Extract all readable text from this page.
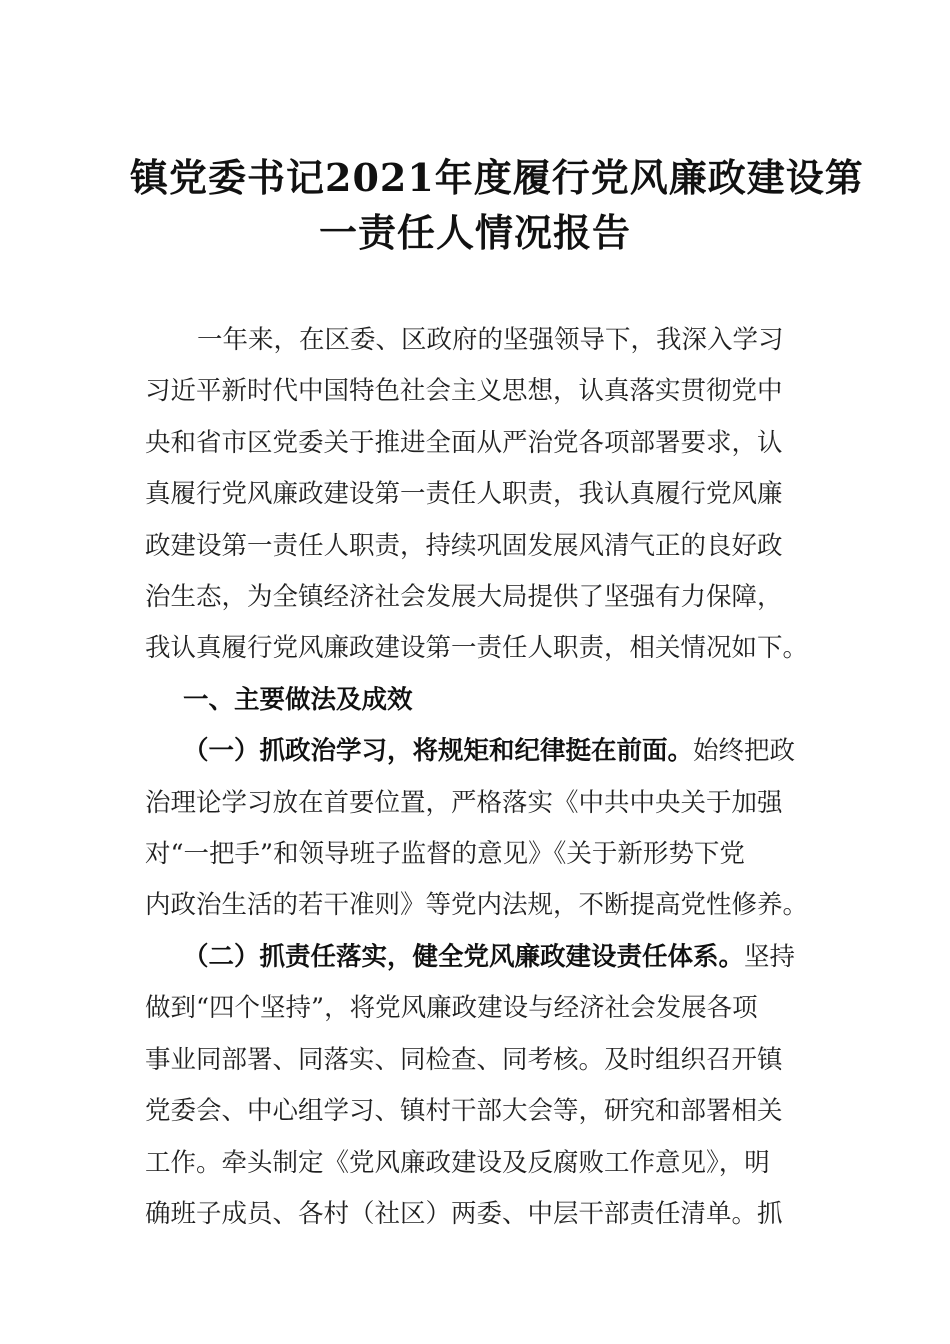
镇党委书记2021年度履行党风廉政建设第
一责任人情况报告
一年来，在区委、区政府的坚强领导下，我深入学习
习近平新时代中国特色社会主义思想，认真落实贯彻党中
央和省市区党委关于推进全面从严治党各项部署要求，认
真履行党风廉政建设第一责任人职责，我认真履行党风廉
政建设第一责任人职责，持续巩固发展风清气正的良好政
治生态，为全镇经济社会发展大局提供了坚强有力保障，
我认真履行党风廉政建设第一责任人职责，相关情况如下。
一、主要做法及成效
（一）抓政治学习，将规矩和纪律挺在前面。始终把政
治理论学习放在首要位置，严格落实《中共中央关于加强
对“一把手”和领导班子监督的意见》《关于新形势下党
内政治生活的若干准则》等党内法规，不断提高党性修养。
（二）抓责任落实，健全党风廉政建设责任体系。坚持
做到“四个坚持”，将党风廉政建设与经济社会发展各项
事业同部署、同落实、同检查、同考核。及时组织召开镇
党委会、中心组学习、镇村干部大会等，研究和部署相关
工作。牵头制定《党风廉政建设及反腐败工作意见》，明
确班子成员、各村（社区）两委、中层干部责任清单。抓
